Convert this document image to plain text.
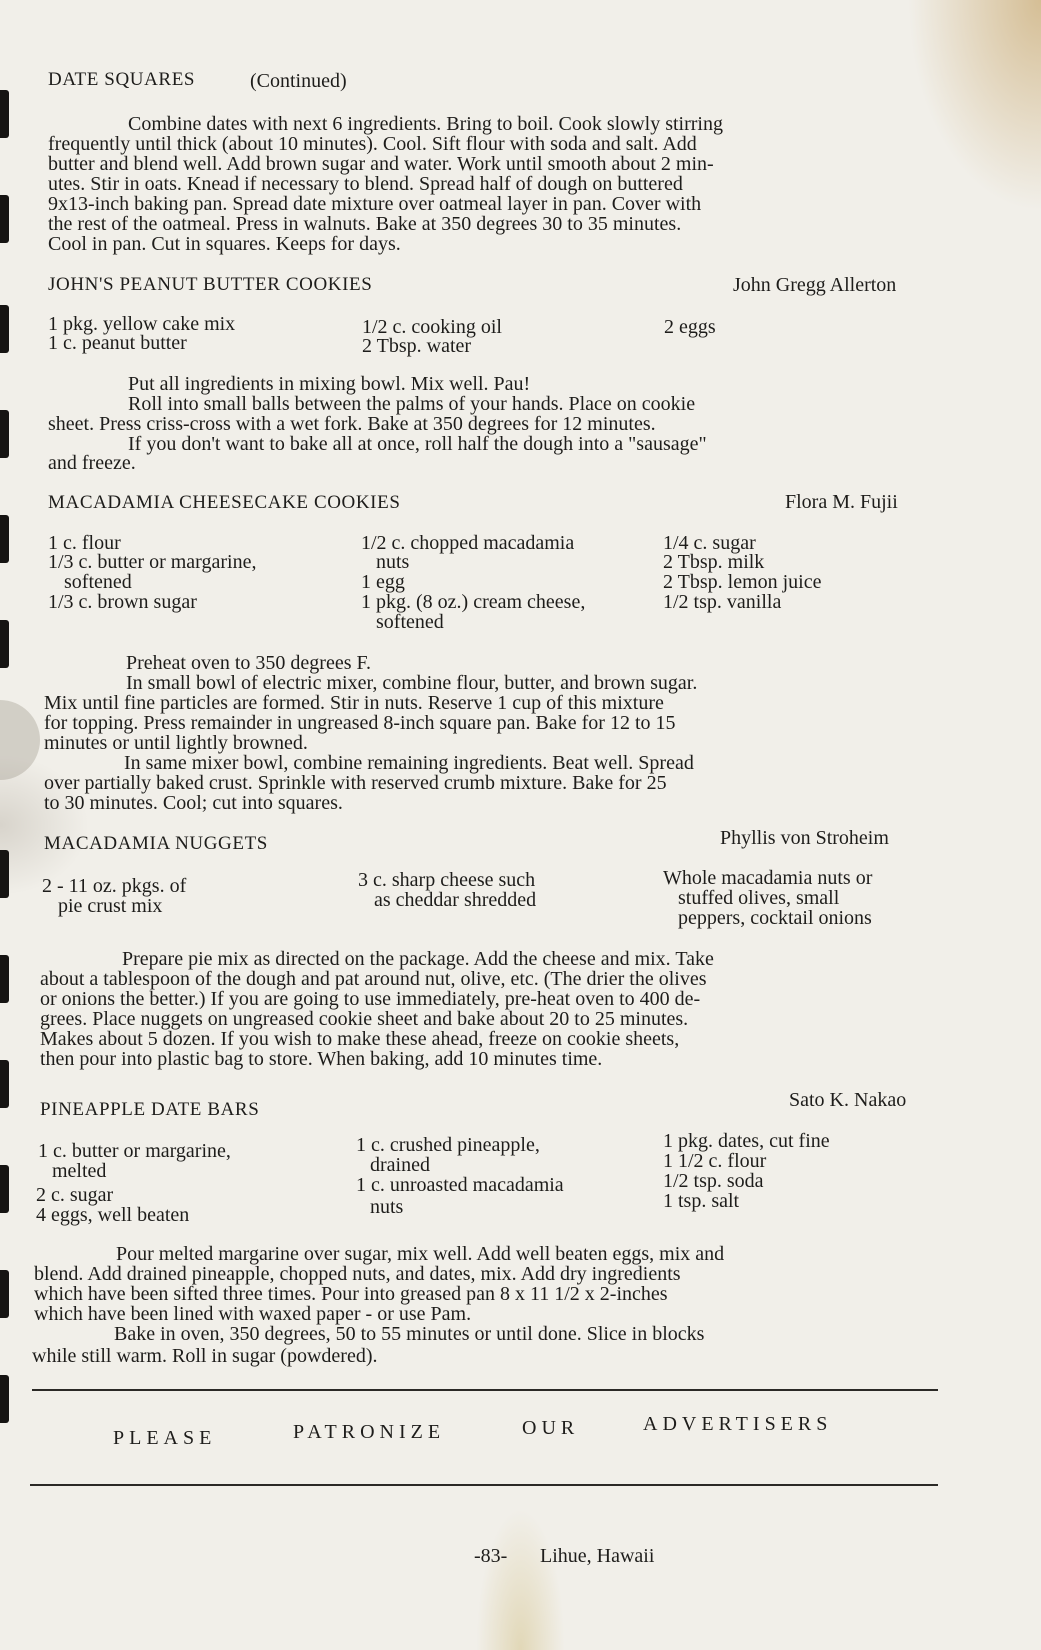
DATE SQUARES	(Continued)
Combine dates with next 6 ingredients. Bring to boil. Cook slowly stirring
frequently until thick (about 10 minutes). Cool. Sift flour with soda and salt. Add
butter and blend well. Add brown sugar and water. Work until smooth about 2 min-
utes. Stir in oats. Knead if necessary to blend. Spread half of dough on buttered
9x13-inch baking pan. Spread date mixture over oatmeal layer in pan. Cover with
the rest of the oatmeal. Press in walnuts. Bake at 350 degrees 30 to 35 minutes.
Cool in pan. Cut in squares. Keeps for days.
JOHN'S PEANUT BUTTER COOKIES	John Gregg Allerton
1 pkg. yellow cake mix
1 c. peanut butter
1/2 c. cooking oil
2 Tbsp. water
2 eggs
Put all ingredients in mixing bowl. Mix well. Pau!
Roll into small balls between the palms of your hands. Place on cookie
sheet. Press criss-cross with a wet fork. Bake at 350 degrees for 12 minutes.
If you don't want to bake all at once, roll half the dough into a "sausage"
and freeze.
MACADAMIA CHEESECAKE COOKIES	Flora M. Fujii
1 c. flour
1/3 c. butter or margarine,
softened
1/3 c. brown sugar
1/2 c. chopped macadamia
nuts
1 egg
1 pkg. (8 oz.) cream cheese,
softened
1/4 c. sugar
2 Tbsp. milk
2 Tbsp. lemon juice
1/2 tsp. vanilla
Preheat oven to 350 degrees F.
In small bowl of electric mixer, combine flour, butter, and brown sugar.
Mix until fine particles are formed. Stir in nuts. Reserve 1 cup of this mixture
for topping. Press remainder in ungreased 8-inch square pan. Bake for 12 to 15
minutes or until lightly browned.
In same mixer bowl, combine remaining ingredients. Beat well. Spread
over partially baked crust. Sprinkle with reserved crumb mixture. Bake for 25
to 30 minutes. Cool; cut into squares.
MACADAMIA NUGGETS	Phyllis von Stroheim
2 - 11 oz. pkgs. of
pie crust mix
3 c. sharp cheese such
as cheddar shredded
Whole macadamia nuts or
stuffed olives, small
peppers, cocktail onions
Prepare pie mix as directed on the package. Add the cheese and mix. Take
about a tablespoon of the dough and pat around nut, olive, etc. (The drier the olives
or onions the better.) If you are going to use immediately, pre-heat oven to 400 de-
grees. Place nuggets on ungreased cookie sheet and bake about 20 to 25 minutes.
Makes about 5 dozen. If you wish to make these ahead, freeze on cookie sheets,
then pour into plastic bag to store. When baking, add 10 minutes time.
PINEAPPLE DATE BARS	Sato K. Nakao
1 c. butter or margarine,
melted
2 c. sugar
4 eggs, well beaten
1 c. crushed pineapple,
drained
1 c. unroasted macadamia
nuts
1 pkg. dates, cut fine
1 1/2 c. flour
1/2 tsp. soda
1 tsp. salt
Pour melted margarine over sugar, mix well. Add well beaten eggs, mix and
blend. Add drained pineapple, chopped nuts, and dates, mix. Add dry ingredients
which have been sifted three times. Pour into greased pan 8 x 11 1/2 x 2-inches
which have been lined with waxed paper - or use Pam.
Bake in oven, 350 degrees, 50 to 55 minutes or until done. Slice in blocks
while still warm. Roll in sugar (powdered).
PLEASE	PATRONIZE	OUR	ADVERTISERS
-83- Lihue, Hawaii
